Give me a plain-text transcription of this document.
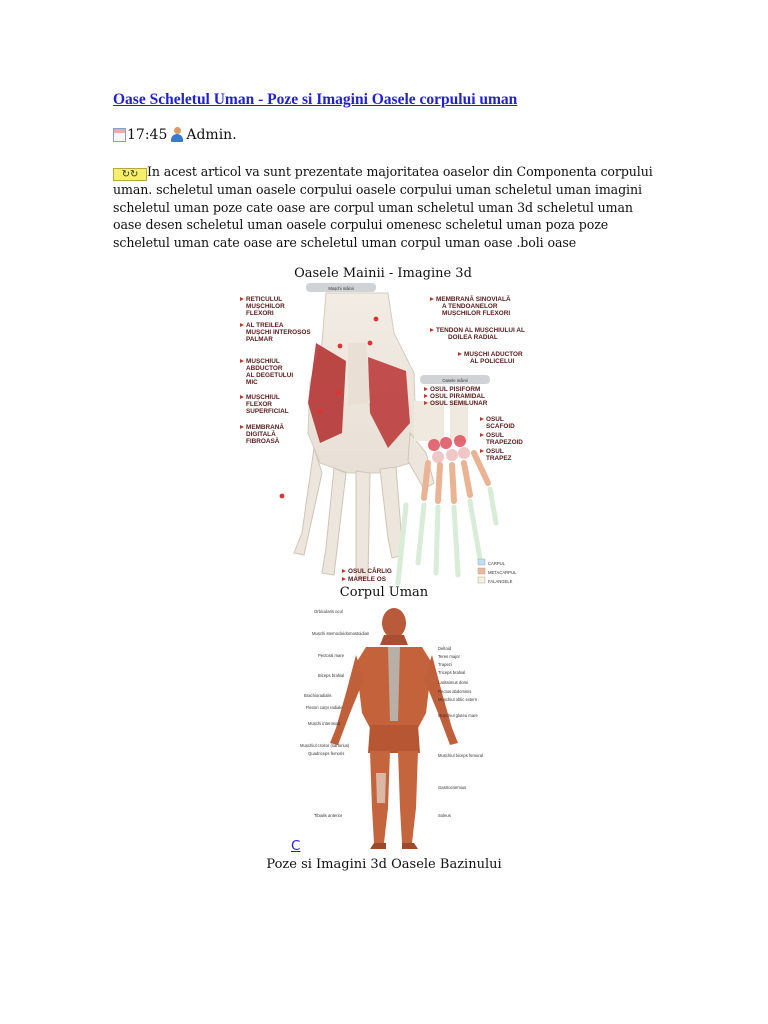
Oase Scheletul Uman - Poze si Imagini Oasele corpului uman
17:45 Admin.

↻↻ In acest articol va sunt prezentate majoritatea oaselor din Componenta corpului uman. scheletul uman oasele corpului oasele corpului uman scheletul uman imagini scheletul uman poze cate oase are corpul uman scheletul uman 3d scheletul uman oase desen scheletul uman oasele corpului omenesc scheletul uman poza poze scheletul uman cate oase are scheletul uman corpul uman oase .boli oase

Oasele Mainii - Imagine 3d
Mușchi mâinii
Oasele mâinii
RETICULUL
MUȘCHILOR
FLEXORI
AL TREILEA
MUȘCHI INTEROSOS
PALMAR
MUȘCHIUL
ABDUCTOR
AL DEGETULUI
MIC
MUȘCHIUL
FLEXOR
SUPERFICIAL
MEMBRANĂ
DIGITALĂ
FIBROASĂ
MEMBRANĂ SINOVIALĂ
A TENDOANELOR
MUȘCHILOR FLEXORI
TENDON AL MUȘCHIULUI AL
DOILEA RADIAL
MUȘCHI ADUCTOR
AL POLICELUI
OSUL PISIFORM
OSUL PIRAMIDAL
OSUL SEMILUNAR
OSUL
SCAFOID
OSUL
TRAPEZOID
OSUL
TRAPEZ
OSUL CÂRLIG
MARELE OS
CARPUL
METACARPUL
FALANGELE
Corpul Uman
Orbicularis ocul
Mușchi sternocleidomastoidian
Pectoral mare
Biceps brahial
Brachioradialis
Flexori carpi radiale
Mușchi interosoși
Mușchiul croitor (sartorius)
Quadriceps femoris
Tibialis anterior
Deltoid
Teres major
Trapezi
Triceps brahial
Latissimus dorsi
Rectus abdominis
Mușchiul oblic extern
Mușchiul gluteu mare
Mușchiul biceps femural
Gastrocnemius
Soleus
C
Poze si Imagini 3d Oasele Bazinului
